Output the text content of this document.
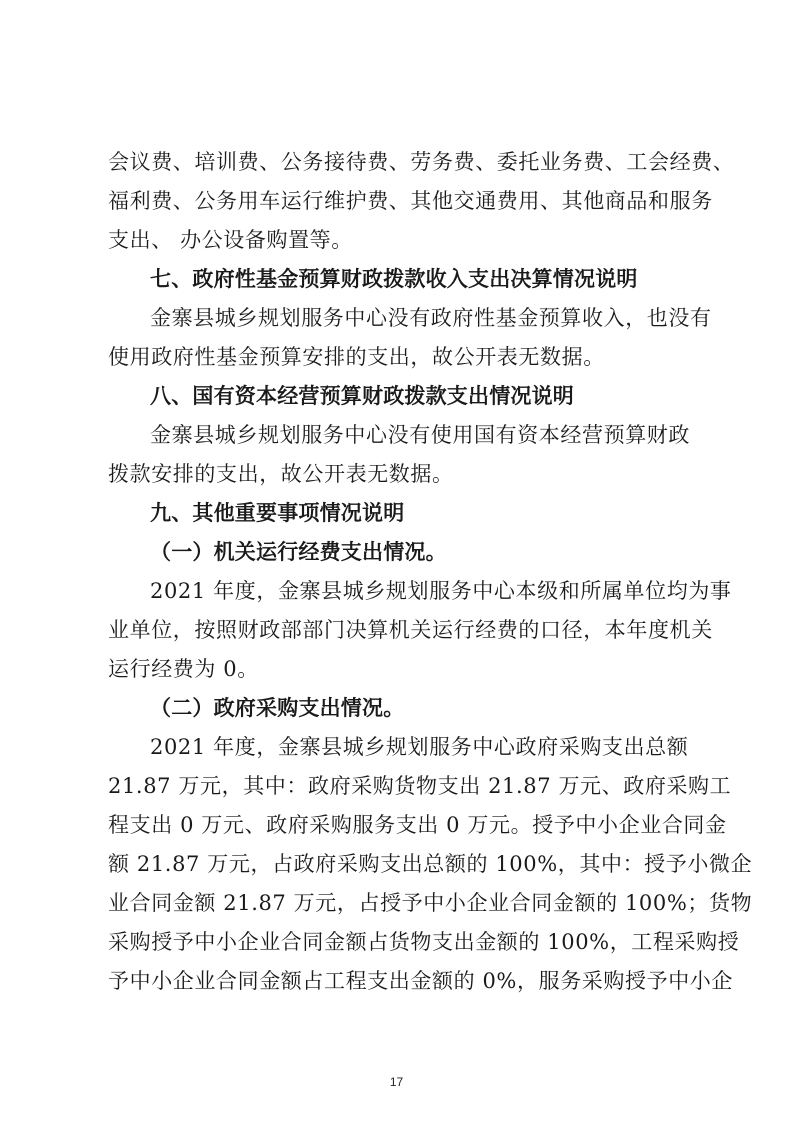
会议费、培训费、公务接待费、劳务费、委托业务费、工会经费、
福利费、公务用车运行维护费、其他交通费用、其他商品和服务
支出、 办公设备购置等。
七、政府性基金预算财政拨款收入支出决算情况说明
金寨县城乡规划服务中心没有政府性基金预算收入，也没有
使用政府性基金预算安排的支出，故公开表无数据。
八、国有资本经营预算财政拨款支出情况说明
金寨县城乡规划服务中心没有使用国有资本经营预算财政
拨款安排的支出，故公开表无数据。
九、其他重要事项情况说明
（一）机关运行经费支出情况。
2021 年度，金寨县城乡规划服务中心本级和所属单位均为事
业单位，按照财政部部门决算机关运行经费的口径，本年度机关
运行经费为 0。
（二）政府采购支出情况。
2021 年度，金寨县城乡规划服务中心政府采购支出总额
21.87 万元，其中：政府采购货物支出 21.87 万元、政府采购工
程支出 0 万元、政府采购服务支出 0 万元。授予中小企业合同金
额 21.87 万元，占政府采购支出总额的 100%，其中：授予小微企
业合同金额 21.87 万元，占授予中小企业合同金额的 100%；货物
采购授予中小企业合同金额占货物支出金额的 100%，工程采购授
予中小企业合同金额占工程支出金额的 0%，服务采购授予中小企
17
